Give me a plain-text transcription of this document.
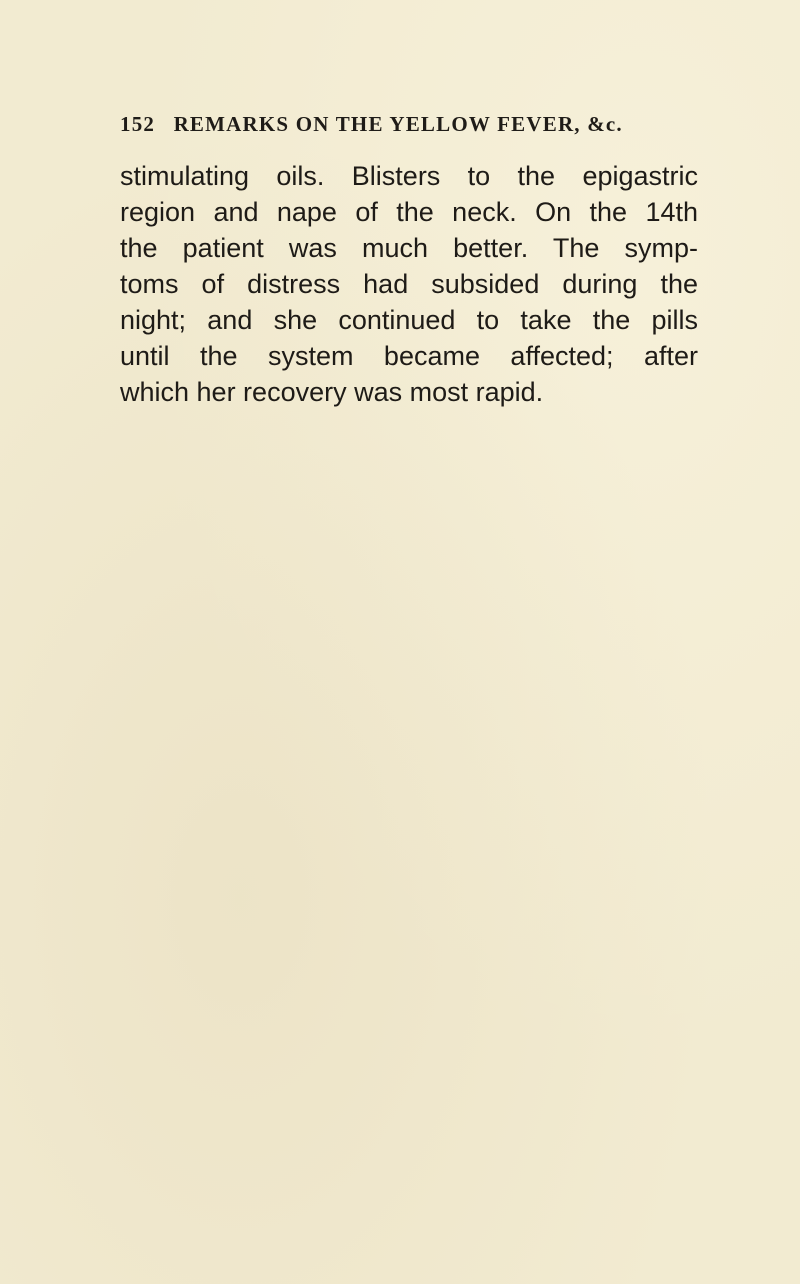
152 REMARKS ON THE YELLOW FEVER, &c.
stimulating oils. Blisters to the epigastric
region and nape of the neck. On the 14th
the patient was much better. The symp-
toms of distress had subsided during the
night; and she continued to take the pills
until the system became affected; after
which her recovery was most rapid.
